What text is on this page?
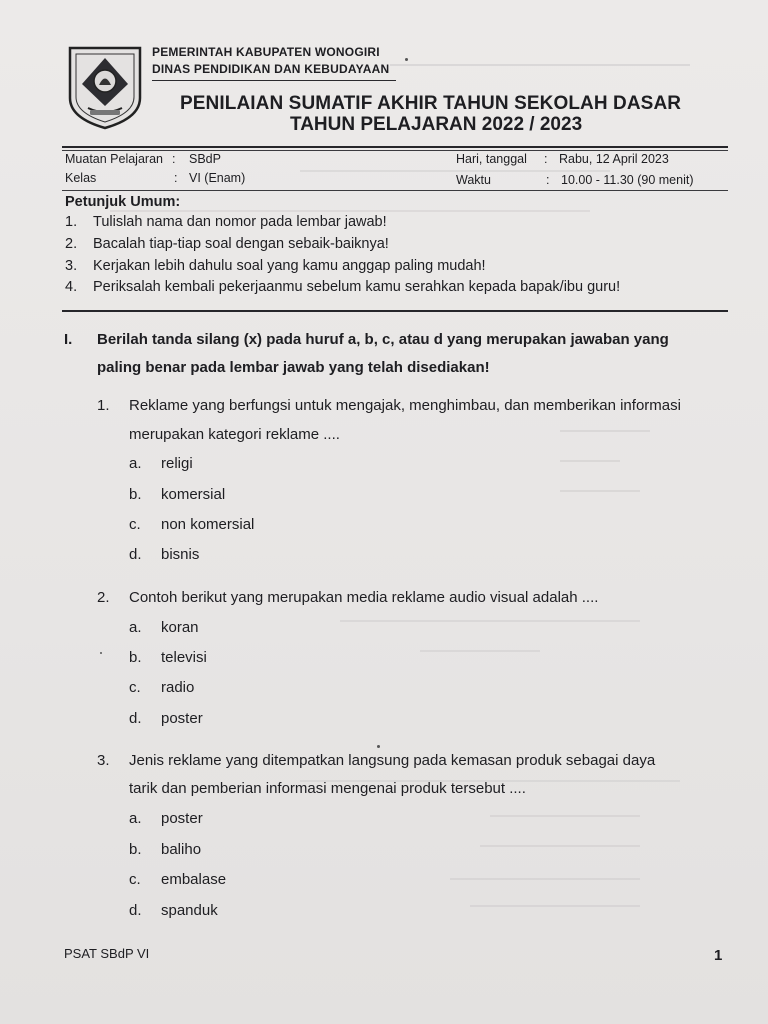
PEMERINTAH KABUPATEN WONOGIRI
DINAS PENDIDIKAN DAN KEBUDAYAAN
PENILAIAN SUMATIF AKHIR TAHUN SEKOLAH DASAR
TAHUN PELAJARAN 2022 / 2023
Muatan Pelajaran : SBdP
Kelas	: VI (Enam)
Hari, tanggal : Rabu, 12 April 2023
Waktu	: 10.00 - 11.30 (90 menit)
Petunjuk Umum:
1. Tulislah nama dan nomor pada lembar jawab!
2. Bacalah tiap-tiap soal dengan sebaik-baiknya!
3. Kerjakan lebih dahulu soal yang kamu anggap paling mudah!
4. Periksalah kembali pekerjaanmu sebelum kamu serahkan kepada bapak/ibu guru!
I. Berilah tanda silang (x) pada huruf a, b, c, atau d yang merupakan jawaban yang
paling benar pada lembar jawab yang telah disediakan!
1. Reklame yang berfungsi untuk mengajak, menghimbau, dan memberikan informasi
merupakan kategori reklame ....
a. religi
b. komersial
c. non komersial
d. bisnis
2. Contoh berikut yang merupakan media reklame audio visual adalah ....
a. koran
b. televisi
c. radio
d. poster
3. Jenis reklame yang ditempatkan langsung pada kemasan produk sebagai daya
tarik dan pemberian informasi mengenai produk tersebut ....
a. poster
b. baliho
c. embalase
d. spanduk
PSAT SBdP VI	1
